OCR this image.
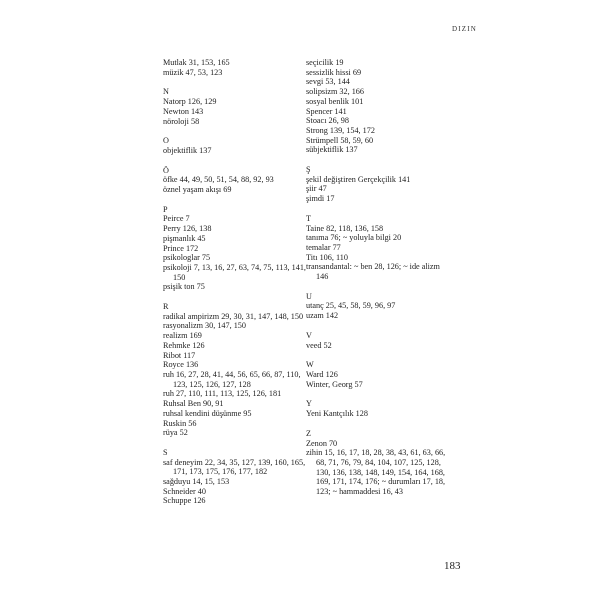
DIZIN
Mutlak 31, 153, 165
müzik 47, 53, 123
N
Natorp 126, 129
Newton 143
nöroloji 58
O
objektiflik 137
Ö
öfke 44, 49, 50, 51, 54, 88, 92, 93
öznel yaşam akışı 69
P
Peirce 7
Perry 126, 138
pişmanlık 45
Prince 172
psikologlar 75
psikoloji 7, 13, 16, 27, 63, 74, 75, 113, 141, 150
psişik ton 75
R
radikal ampirizm 29, 30, 31, 147, 148, 150
rasyonalizm 30, 147, 150
realizm 169
Rehmke 126
Ribot 117
Royce 136
ruh 16, 27, 28, 41, 44, 56, 65, 66, 87, 110, 123, 125, 126, 127, 128
ruh 27, 110, 111, 113, 125, 126, 181
Ruhsal Ben 90, 91
ruhsal kendini düşünme 95
Ruskin 56
rüya 52
S
saf deneyim 22, 34, 35, 127, 139, 160, 165, 171, 173, 175, 176, 177, 182
sağduyu 14, 15, 153
Schneider 40
Schuppe 126
seçicilik 19
sessizlik hissi 69
sevgi 53, 144
solipsizm 32, 166
sosyal benlik 101
Spencer 141
Stoacı 26, 98
Strong 139, 154, 172
Strümpell 58, 59, 60
sübjektiflik 137
Ş
şekil değiştiren Gerçekçilik 141
şiir 47
şimdi 17
T
Taine 82, 118, 136, 158
tanıma 76; ~ yoluyla bilgi 20
temalar 77
Titı 106, 110
transandantal: ~ ben 28, 126; ~ ide alizm 146
U
utanç 25, 45, 58, 59, 96, 97
uzam 142
V
veed 52
W
Ward 126
Winter, Georg 57
Y
Yeni Kantçılık 128
Z
Zenon 70
zihin 15, 16, 17, 18, 28, 38, 43, 61, 63, 66, 68, 71, 76, 79, 84, 104, 107, 125, 128, 130, 136, 138, 148, 149, 154, 164, 168, 169, 171, 174, 176; ~ durumları 17, 18, 123; ~ hammaddesi 16, 43
183
